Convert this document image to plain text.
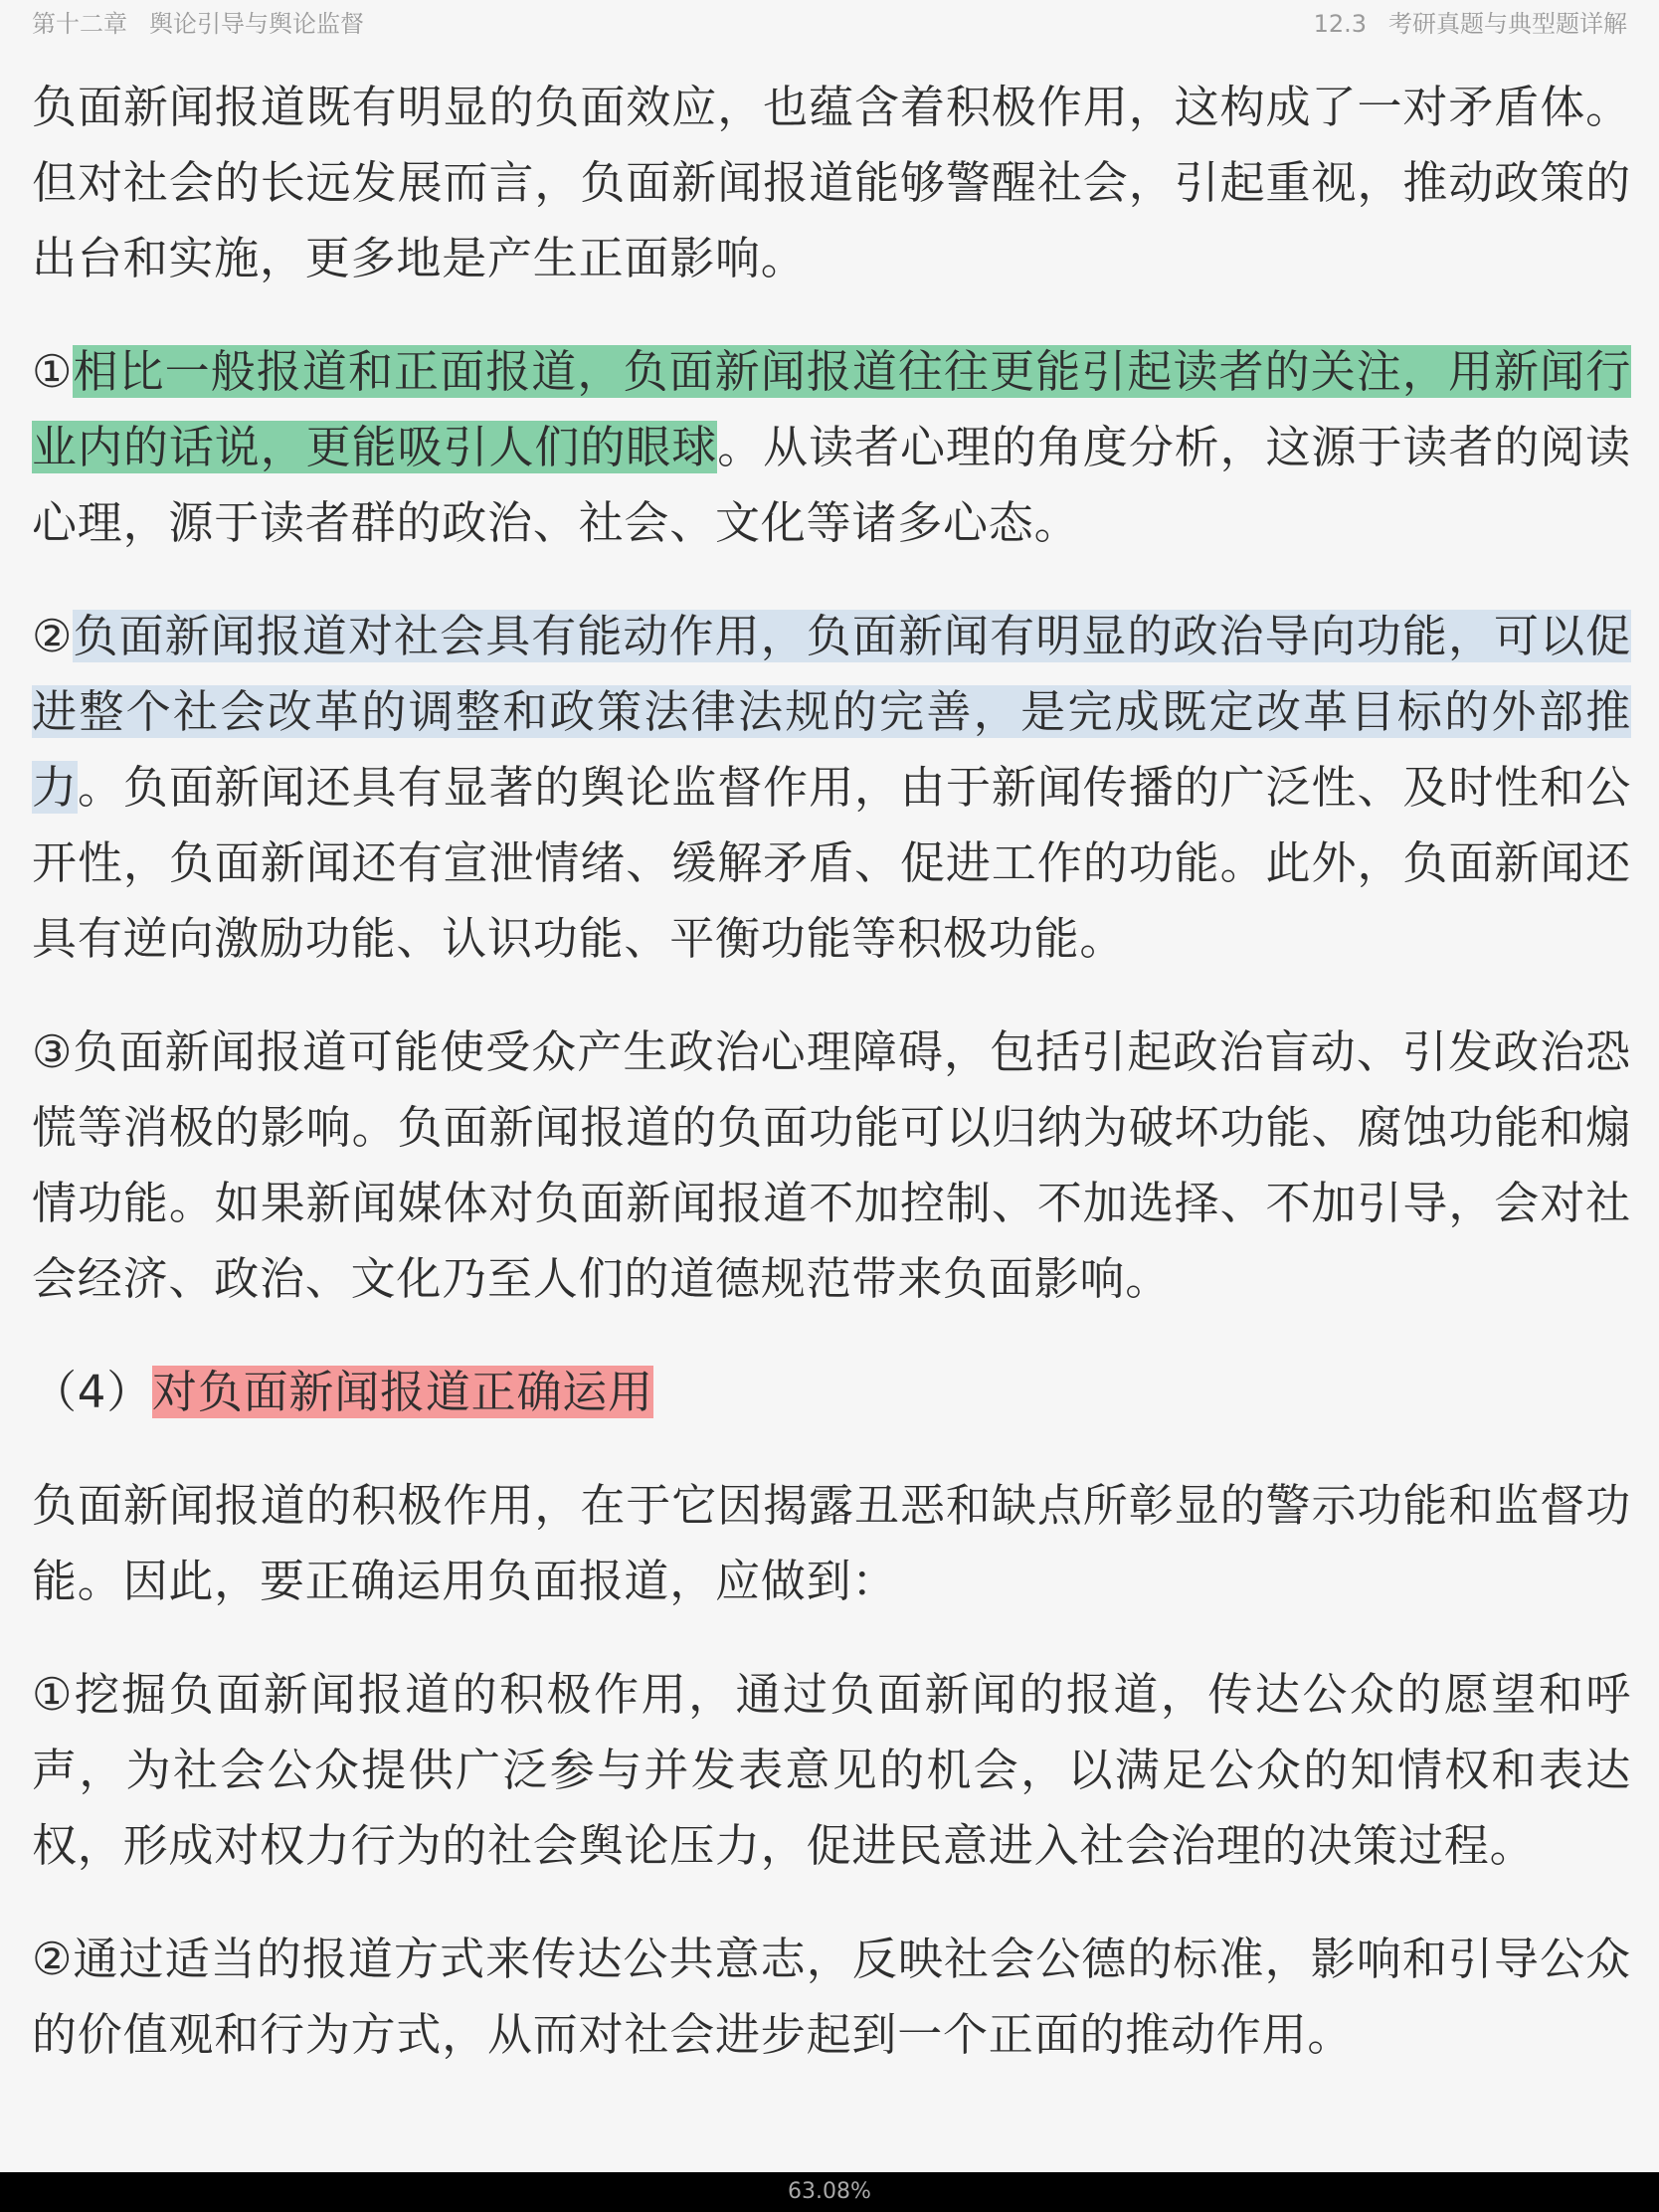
第十二章 舆论引导与舆论监督	12.3 考研真题与典型题详解

负面新闻报道既有明显的负面效应，也蕴含着积极作用，这构成了一对矛盾体。但对社会的长远发展而言，负面新闻报道能够警醒社会，引起重视，推动政策的出台和实施，更多地是产生正面影响。

①相比一般报道和正面报道，负面新闻报道往往更能引起读者的关注，用新闻行业内的话说，更能吸引人们的眼球。从读者心理的角度分析，这源于读者的阅读心理，源于读者群的政治、社会、文化等诸多心态。

②负面新闻报道对社会具有能动作用，负面新闻有明显的政治导向功能，可以促进整个社会改革的调整和政策法律法规的完善，是完成既定改革目标的外部推力。负面新闻还具有显著的舆论监督作用，由于新闻传播的广泛性、及时性和公开性，负面新闻还有宣泄情绪、缓解矛盾、促进工作的功能。此外，负面新闻还具有逆向激励功能、认识功能、平衡功能等积极功能。

③负面新闻报道可能使受众产生政治心理障碍，包括引起政治盲动、引发政治恐慌等消极的影响。负面新闻报道的负面功能可以归纳为破坏功能、腐蚀功能和煽情功能。如果新闻媒体对负面新闻报道不加控制、不加选择、不加引导，会对社会经济、政治、文化乃至人们的道德规范带来负面影响。

（4）对负面新闻报道正确运用

负面新闻报道的积极作用，在于它因揭露丑恶和缺点所彰显的警示功能和监督功能。因此，要正确运用负面报道，应做到：

①挖掘负面新闻报道的积极作用，通过负面新闻的报道，传达公众的愿望和呼声，为社会公众提供广泛参与并发表意见的机会，以满足公众的知情权和表达权，形成对权力行为的社会舆论压力，促进民意进入社会治理的决策过程。

②通过适当的报道方式来传达公共意志，反映社会公德的标准，影响和引导公众的价值观和行为方式，从而对社会进步起到一个正面的推动作用。

63.08%
